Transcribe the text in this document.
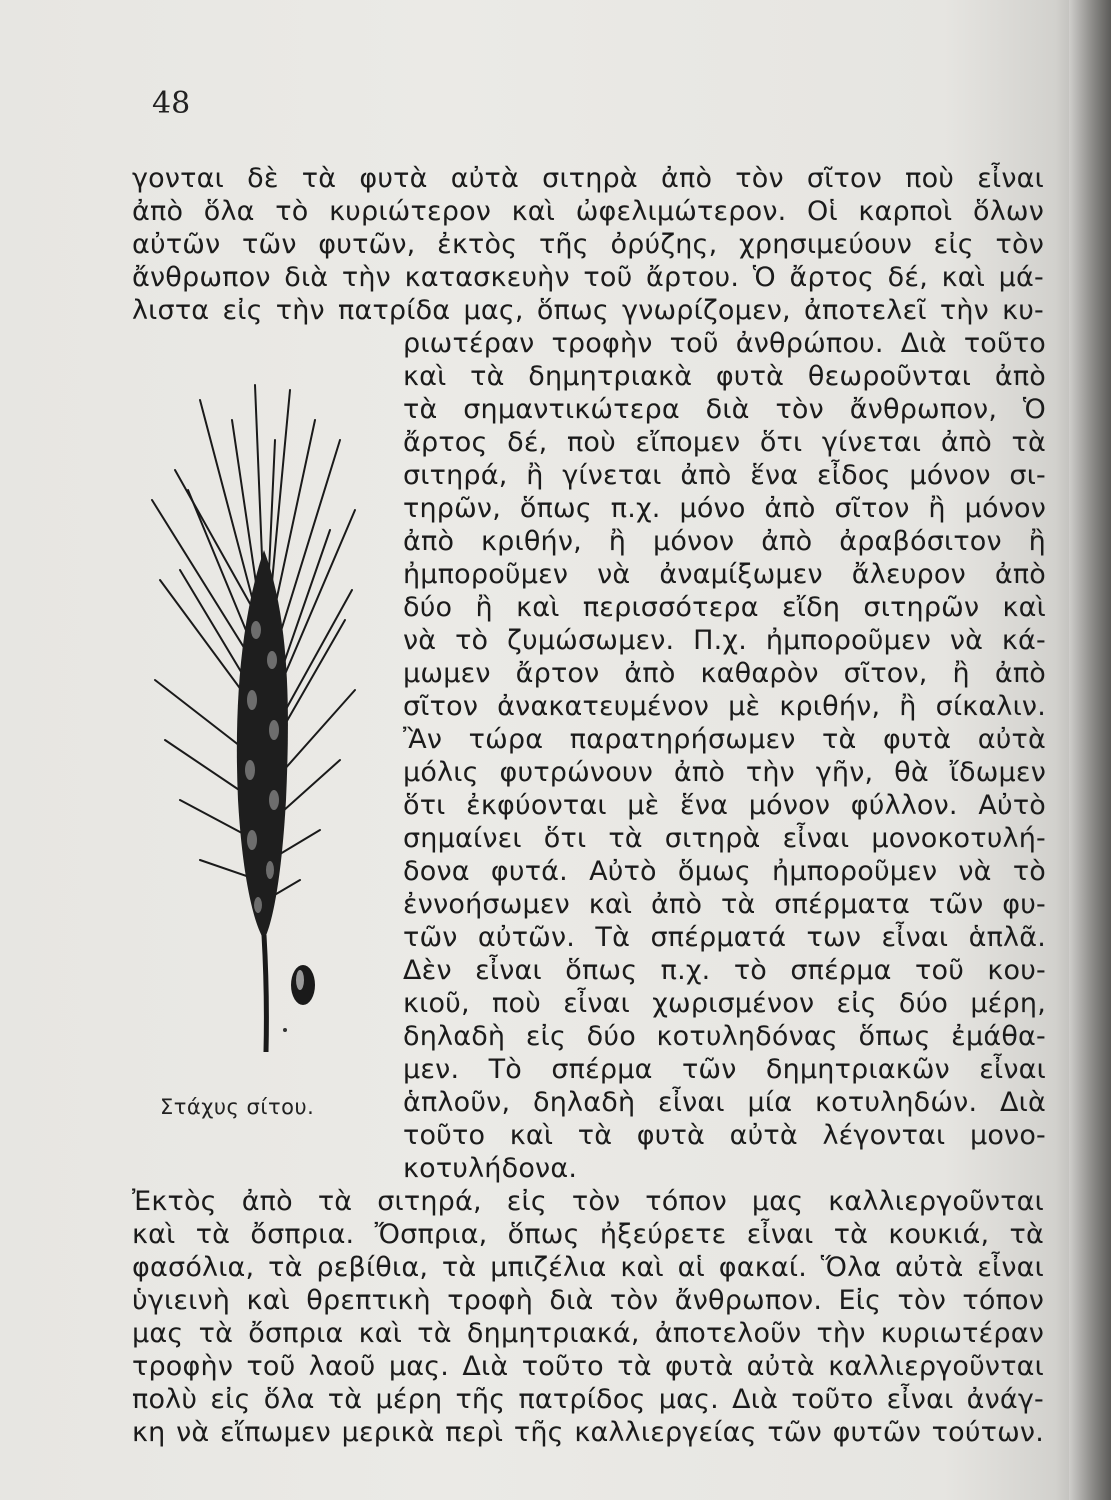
48
γονται δὲ τὰ φυτὰ αὐτὰ σιτηρὰ ἀπὸ τὸν σῖτον ποὺ εἶναι
ἀπὸ ὅλα τὸ κυριώτερον καὶ ὠφελιμώτερον. Οἱ καρποὶ ὅλων
αὐτῶν τῶν φυτῶν, ἐκτὸς τῆς ὀρύζης, χρησιμεύουν εἰς τὸν
ἄνθρωπον διὰ τὴν κατασκευὴν τοῦ ἄρτου. Ὁ ἄρτος δέ, καὶ μά-
λιστα εἰς τὴν πατρίδα μας, ὅπως γνωρίζομεν, ἀποτελεῖ τὴν κυ-
ριωτέραν τροφὴν τοῦ ἀνθρώπου. Διὰ τοῦτο
καὶ τὰ δημητριακὰ φυτὰ θεωροῦνται ἀπὸ
τὰ σημαντικώτερα διὰ τὸν ἄνθρωπον, Ὁ
ἄρτος δέ, ποὺ εἴπομεν ὅτι γίνεται ἀπὸ τὰ
σιτηρά, ἢ γίνεται ἀπὸ ἕνα εἶδος μόνον σι-
τηρῶν, ὅπως π.χ. μόνο ἀπὸ σῖτον ἢ μόνον
ἀπὸ κριθήν, ἢ μόνον ἀπὸ ἀραβόσιτον ἢ
ἠμποροῦμεν νὰ ἀναμίξωμεν ἄλευρον ἀπὸ
δύο ἢ καὶ περισσότερα εἴδη σιτηρῶν καὶ
νὰ τὸ ζυμώσωμεν. Π.χ. ἠμποροῦμεν νὰ κά-
μωμεν ἄρτον ἀπὸ καθαρὸν σῖτον, ἢ ἀπὸ
σῖτον ἀνακατευμένον μὲ κριθήν, ἢ σίκαλιν.
Ἂν τώρα παρατηρήσωμεν τὰ φυτὰ αὐτὰ
μόλις φυτρώνουν ἀπὸ τὴν γῆν, θὰ ἴδωμεν
ὅτι ἐκφύονται μὲ ἕνα μόνον φύλλον. Αὐτὸ
σημαίνει ὅτι τὰ σιτηρὰ εἶναι μονοκοτυλή-
δονα φυτά. Αὐτὸ ὅμως ἠμποροῦμεν νὰ τὸ
ἐννοήσωμεν καὶ ἀπὸ τὰ σπέρματα τῶν φυ-
τῶν αὐτῶν. Τὰ σπέρματά των εἶναι ἁπλᾶ.
Δὲν εἶναι ὅπως π.χ. τὸ σπέρμα τοῦ κου-
κιοῦ, ποὺ εἶναι χωρισμένον εἰς δύο μέρη,
δηλαδὴ εἰς δύο κοτυληδόνας ὅπως ἐμάθα-
μεν. Τὸ σπέρμα τῶν δημητριακῶν εἶναι
ἁπλοῦν, δηλαδὴ εἶναι μία κοτυληδών. Διὰ
τοῦτο καὶ τὰ φυτὰ αὐτὰ λέγονται μονο-
κοτυλήδονα.
Ἐκτὸς ἀπὸ τὰ σιτηρά, εἰς τὸν τόπον μας καλλιεργοῦνται
καὶ τὰ ὄσπρια. Ὄσπρια, ὅπως ἠξεύρετε εἶναι τὰ κουκιά, τὰ
φασόλια, τὰ ρεβίθια, τὰ μπιζέλια καὶ αἱ φακαί. Ὅλα αὐτὰ εἶναι
ὑγιεινὴ καὶ θρεπτικὴ τροφὴ διὰ τὸν ἄνθρωπον. Εἰς τὸν τόπον
μας τὰ ὄσπρια καὶ τὰ δημητριακά, ἀποτελοῦν τὴν κυριωτέραν
τροφὴν τοῦ λαοῦ μας. Διὰ τοῦτο τὰ φυτὰ αὐτὰ καλλιεργοῦνται
πολὺ εἰς ὅλα τὰ μέρη τῆς πατρίδος μας. Διὰ τοῦτο εἶναι ἀνάγ-
κη νὰ εἴπωμεν μερικὰ περὶ τῆς καλλιεργείας τῶν φυτῶν τούτων.
Στάχυς σίτου.
